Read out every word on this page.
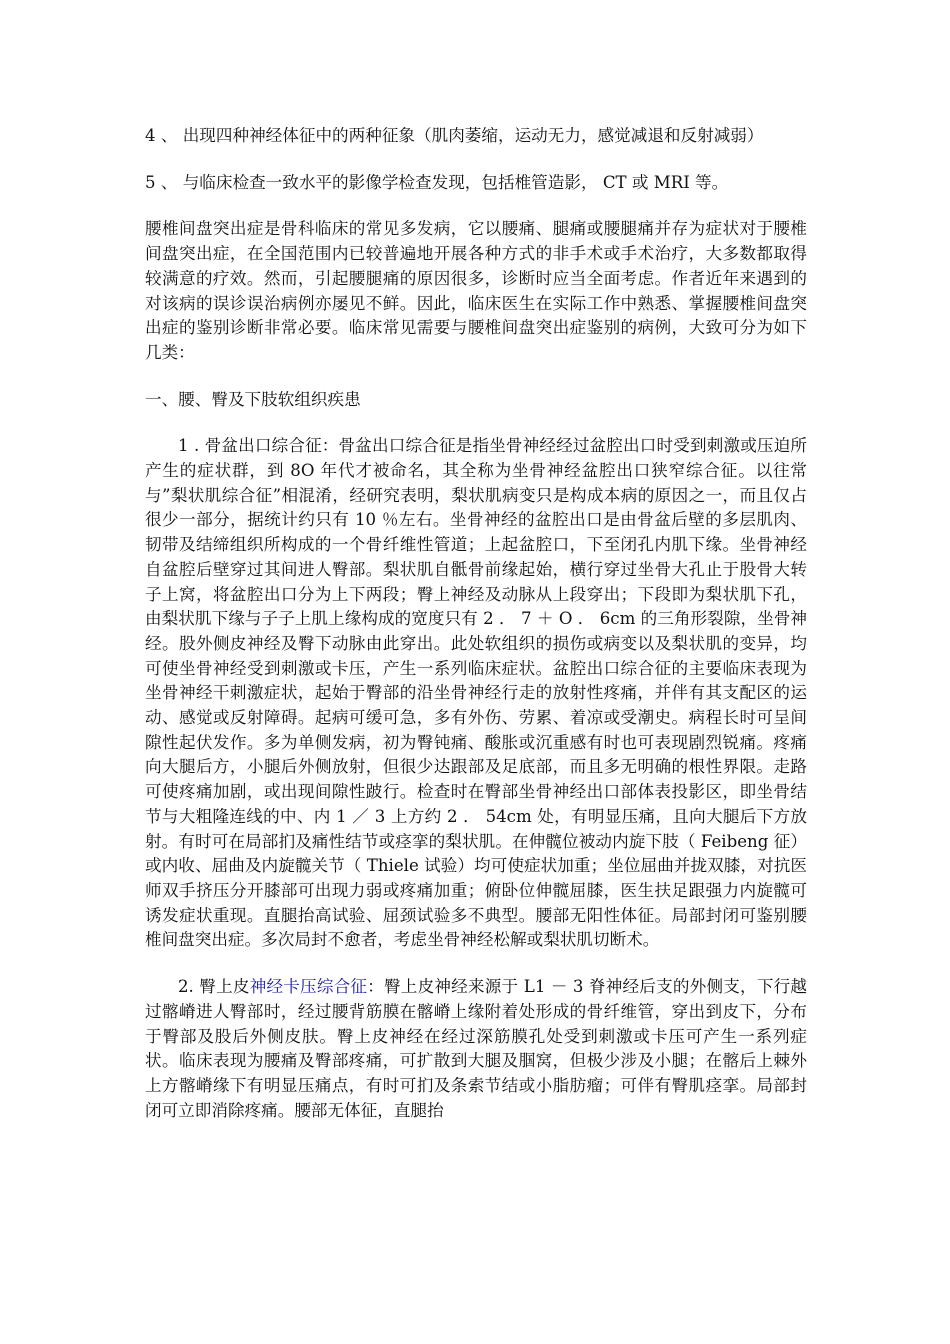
4 、 出现四种神经体征中的两种征象（肌肉萎缩，运动无力，感觉减退和反射减弱）

5 、 与临床检查一致水平的影像学检查发现，包括椎管造影， CT 或 MRI 等。

腰椎间盘突出症是骨科临床的常见多发病，它以腰痛、腿痛或腰腿痛并存为症状对于腰椎间盘突出症，在全国范围内已较普遍地开展各种方式的非手术或手术治疗，大多数都取得较满意的疗效。然而，引起腰腿痛的原因很多，诊断时应当全面考虑。作者近年来遇到的对该病的误诊误治病例亦屡见不鲜。因此，临床医生在实际工作中熟悉、掌握腰椎间盘突出症的鉴别诊断非常必要。临床常见需要与腰椎间盘突出症鉴别的病例，大致可分为如下几类：

一、腰、臀及下肢软组织疾患

1 . 骨盆出口综合征：骨盆出口综合征是指坐骨神经经过盆腔出口时受到刺激或压迫所产生的症状群，到 8O 年代才被命名，其全称为坐骨神经盆腔出口狭窄综合征。以往常与”梨状肌综合征”相混淆，经研究表明，梨状肌病变只是构成本病的原因之一，而且仅占很少一部分，据统计约只有 10 ％左右。坐骨神经的盆腔出口是由骨盆后壁的多层肌肉、韧带及结缔组织所构成的一个骨纤维性管道；上起盆腔口，下至闭孔内肌下缘。坐骨神经自盆腔后壁穿过其间进人臀部。梨状肌自骶骨前缘起始，横行穿过坐骨大孔止于股骨大转子上窝，将盆腔出口分为上下两段；臀上神经及动脉从上段穿出；下段即为梨状肌下孔，由梨状肌下缘与子子上肌上缘构成的宽度只有 2 ． 7 ＋ O ． 6cm 的三角形裂隙，坐骨神经。股外侧皮神经及臀下动脉由此穿出。此处软组织的损伤或病变以及梨状肌的变异，均可使坐骨神经受到刺激或卡压，产生一系列临床症状。盆腔出口综合征的主要临床表现为坐骨神经干刺激症状，起始于臀部的沿坐骨神经行走的放射性疼痛，并伴有其支配区的运动、感觉或反射障碍。起病可缓可急，多有外伤、劳累、着凉或受潮史。病程长时可呈间隙性起伏发作。多为单侧发病，初为臀钝痛、酸胀或沉重感有时也可表现剧烈锐痛。疼痛向大腿后方，小腿后外侧放射，但很少达跟部及足底部，而且多无明确的根性界限。走路可使疼痛加剧，或出现间隙性跛行。检查时在臀部坐骨神经出口部体表投影区，即坐骨结节与大粗隆连线的中、内 1 ／ 3 上方约 2 ． 54cm 处，有明显压痛，且向大腿后下方放射。有时可在局部扪及痛性结节或痉挛的梨状肌。在伸髋位被动内旋下肢（ Feibeng 征）或内收、屈曲及内旋髋关节（ Thiele 试验）均可使症状加重；坐位屈曲并拢双膝，对抗医师双手挤压分开膝部可出现力弱或疼痛加重；俯卧位伸髋屈膝，医生扶足跟强力内旋髋可诱发症状重现。直腿抬高试验、屈颈试验多不典型。腰部无阳性体征。局部封闭可鉴别腰椎间盘突出症。多次局封不愈者，考虑坐骨神经松解或梨状肌切断术。

2. 臀上皮神经卡压综合征：臀上皮神经来源于 L1 － 3 脊神经后支的外侧支，下行越过髂嵴进人臀部时，经过腰背筋膜在髂嵴上缘附着处形成的骨纤维管，穿出到皮下，分布于臀部及股后外侧皮肤。臀上皮神经在经过深筋膜孔处受到刺激或卡压可产生一系列症状。临床表现为腰痛及臀部疼痛，可扩散到大腿及腘窝，但极少涉及小腿；在髂后上棘外上方髂嵴缘下有明显压痛点，有时可扪及条索节结或小脂肪瘤；可伴有臀肌痉挛。局部封闭可立即消除疼痛。腰部无体征，直腿抬
